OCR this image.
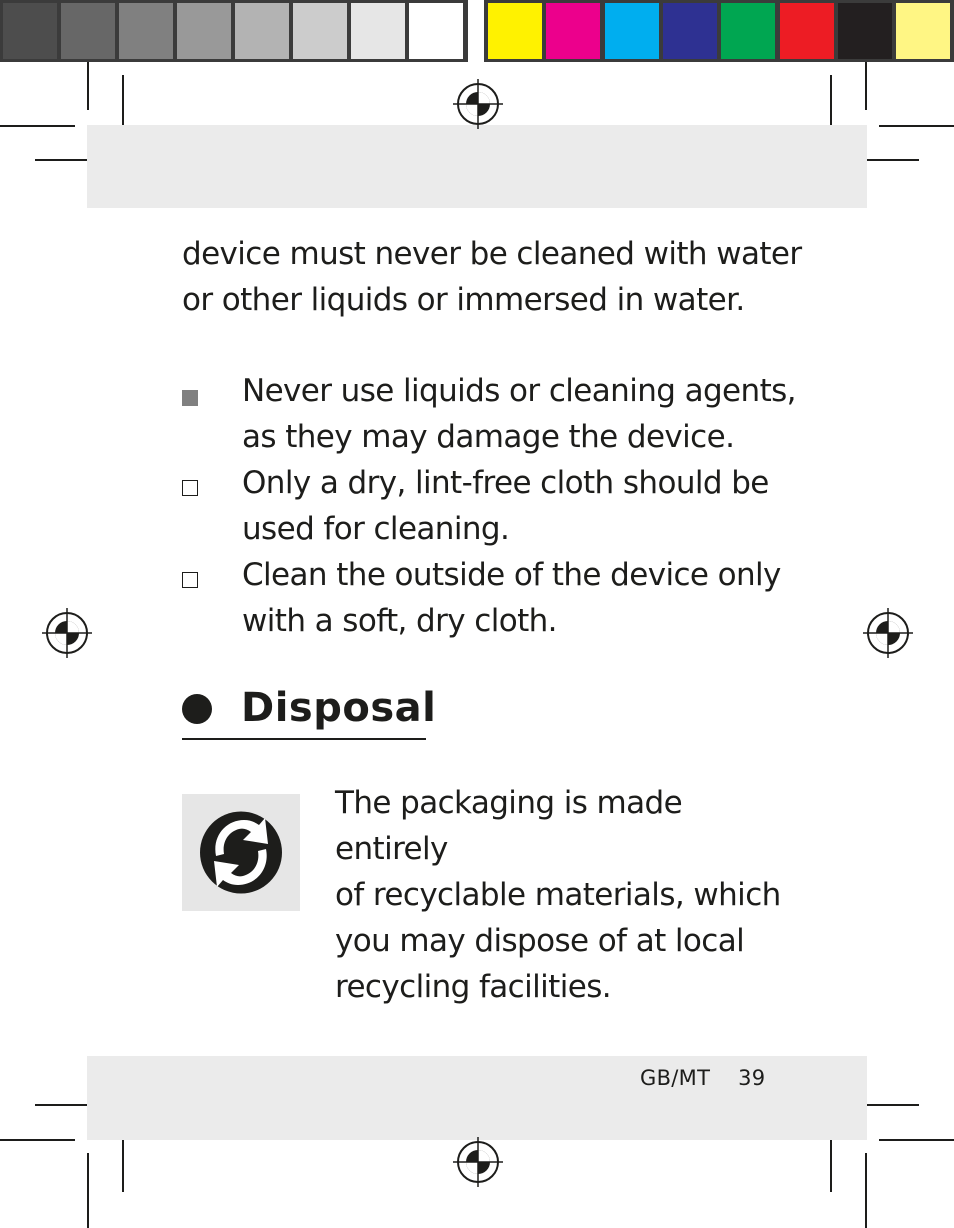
device must never be cleaned with water
or other liquids or immersed in water.
Never use liquids or cleaning agents,
as they may damage the device.
Only a dry, lint-free cloth should be
used for cleaning.
Clean the outside of the device only
with a soft, dry cloth.
Disposal
The packaging is made entirely
of recyclable materials, which
you may dispose of at local
recycling facilities.
GB/MT 39
